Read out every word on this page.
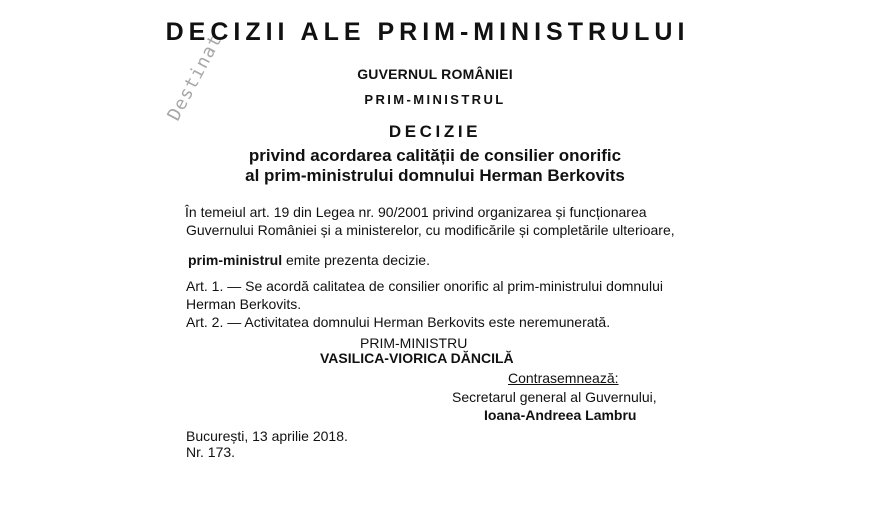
DECIZII ALE PRIM-MINISTRULUI
Destinat	GUVERNUL ROMÂNIEI
PRIM-MINISTRUL
DECIZIE
privind acordarea calității de consilier onorific
al prim-ministrului domnului Herman Berkovits
În temeiul art. 19 din Legea nr. 90/2001 privind organizarea și funcționarea
Guvernului României și a ministerelor, cu modificările și completările ulterioare,
prim-ministrul emite prezenta decizie.
Art. 1. — Se acordă calitatea de consilier onorific al prim-ministrului domnului
Herman Berkovits.
Art. 2. — Activitatea domnului Herman Berkovits este neremunerată.
PRIM-MINISTRU
VASILICA-VIORICA DĂNCILĂ
Contrasemnează:
Secretarul general al Guvernului,
Ioana-Andreea Lambru
București, 13 aprilie 2018.
Nr. 173.
